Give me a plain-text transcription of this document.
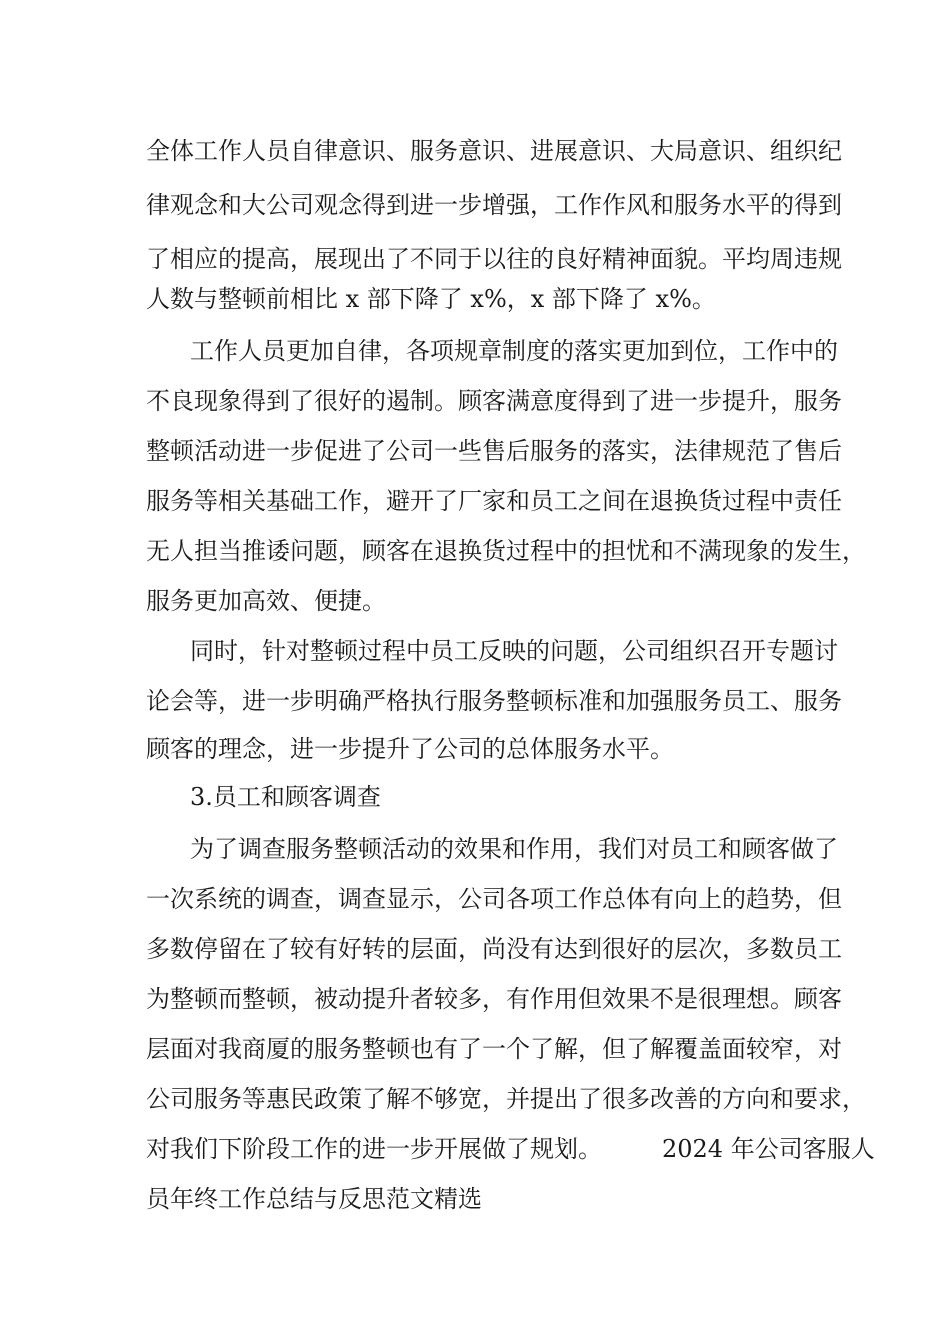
全体工作人员自律意识、服务意识、进展意识、大局意识、组织纪
律观念和大公司观念得到进一步增强，工作作风和服务水平的得到
了相应的提高，展现出了不同于以往的良好精神面貌。平均周违规
人数与整顿前相比 x 部下降了 x%，x 部下降了 x%。
工作人员更加自律，各项规章制度的落实更加到位，工作中的
不良现象得到了很好的遏制。顾客满意度得到了进一步提升，服务
整顿活动进一步促进了公司一些售后服务的落实，法律规范了售后
服务等相关基础工作，避开了厂家和员工之间在退换货过程中责任
无人担当推诿问题，顾客在退换货过程中的担忧和不满现象的发生，
服务更加高效、便捷。
同时，针对整顿过程中员工反映的问题，公司组织召开专题讨
论会等，进一步明确严格执行服务整顿标准和加强服务员工、服务
顾客的理念，进一步提升了公司的总体服务水平。
3.员工和顾客调查
为了调查服务整顿活动的效果和作用，我们对员工和顾客做了
一次系统的调查，调查显示，公司各项工作总体有向上的趋势，但
多数停留在了较有好转的层面，尚没有达到很好的层次，多数员工
为整顿而整顿，被动提升者较多，有作用但效果不是很理想。顾客
层面对我商厦的服务整顿也有了一个了解，但了解覆盖面较窄，对
公司服务等惠民政策了解不够宽，并提出了很多改善的方向和要求，
对我们下阶段工作的进一步开展做了规划。　　　2024 年公司客服人
员年终工作总结与反思范文精选
